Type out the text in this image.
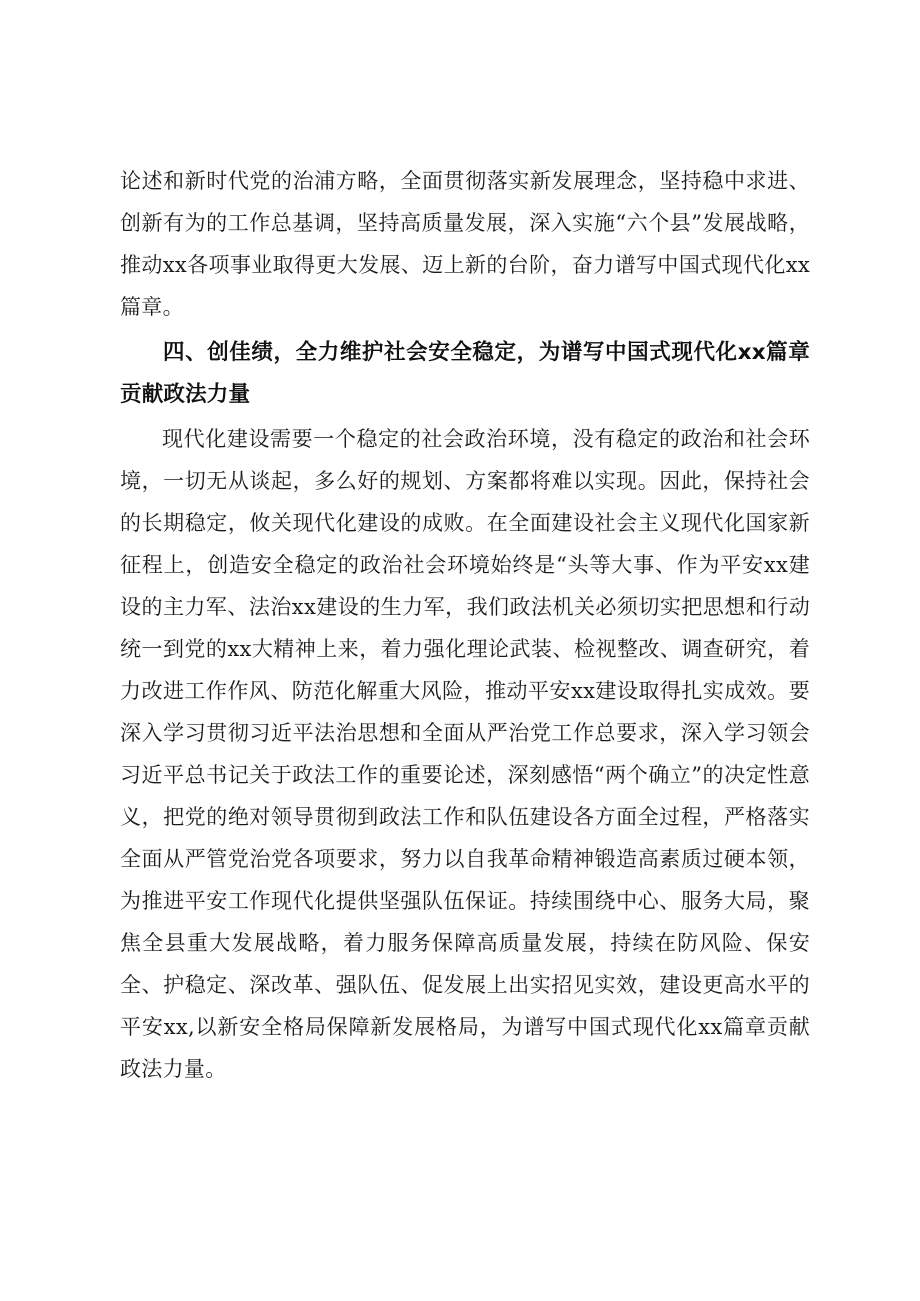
论述和新时代党的治浦方略，全面贯彻落实新发展理念，坚持稳中求进、创新有为的工作总基调，坚持高质量发展，深入实施“六个县”发展战略，推动xx各项事业取得更大发展、迈上新的台阶，奋力谱写中国式现代化xx篇章。

四、创佳绩，全力维护社会安全稳定，为谱写中国式现代化xx篇章贡献政法力量

现代化建设需要一个稳定的社会政治环境，没有稳定的政治和社会环境，一切无从谈起，多么好的规划、方案都将难以实现。因此，保持社会的长期稳定，攸关现代化建设的成败。在全面建设社会主义现代化国家新征程上，创造安全稳定的政治社会环境始终是“头等大事、作为平安xx建设的主力军、法治xx建设的生力军，我们政法机关必须切实把思想和行动统一到党的xx大精神上来，着力强化理论武装、检视整改、调查研究，着力改进工作作风、防范化解重大风险，推动平安xx建设取得扎实成效。要深入学习贯彻习近平法治思想和全面从严治党工作总要求，深入学习领会习近平总书记关于政法工作的重要论述，深刻感悟“两个确立”的决定性意义，把党的绝对领导贯彻到政法工作和队伍建设各方面全过程，严格落实全面从严管党治党各项要求，努力以自我革命精神锻造高素质过硬本领，为推进平安工作现代化提供坚强队伍保证。持续围绕中心、服务大局，聚焦全县重大发展战略，着力服务保障高质量发展，持续在防风险、保安全、护稳定、深改革、强队伍、促发展上出实招见实效，建设更高水平的平安xx,以新安全格局保障新发展格局，为谱写中国式现代化xx篇章贡献政法力量。
